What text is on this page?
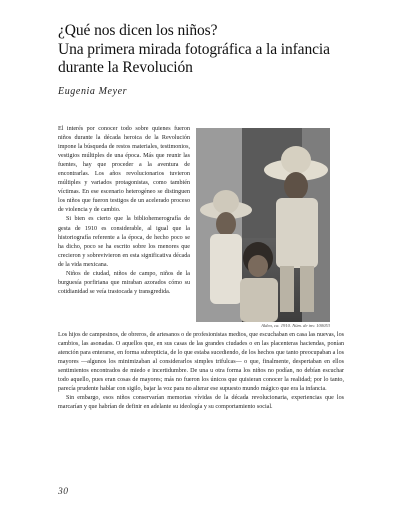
¿Qué nos dicen los niños?
Una primera mirada fotográfica a la infancia
durante la Revolución
Eugenia Meyer

El interés por conocer todo sobre quienes fueron niños durante la década heroica de la Revolución impone la búsqueda de restos materiales, testimonios, vestigios múltiples de una época. Más que reunir las fuentes, hay que proceder a la aventura de encontrarlas. Los años revolucionarios tuvieron múltiples y variados protagonistas, como también víctimas. En ese escenario heterogéneo se distinguen los niños que fueron testigos de un acelerado proceso de violencia y de cambio.

Si bien es cierto que la bibliohemerografía de gesta de 1910 es considerable, al igual que la historiografía referente a la época, de hecho poco se ha dicho, poco se ha escrito sobre los menores que crecieron y sobrevivieron en esta significativa década de la vida mexicana.

Niños de ciudad, niños de campo, niños de la burguesía porfiriana que miraban azorados cómo su cotidianidad se veía trastocada y transgredida.

Aldea, ca. 1910. Núm. de inv. 100053

Los hijos de campesinos, de obreros, de artesanos o de profesionistas medios, que escuchaban en casa las nuevas, los cambios, las asonadas. O aquellos que, en sus casas de las grandes ciudades o en las placenteras haciendas, ponían atención para enterarse, en forma subrepticia, de lo que estaba sucediendo, de los hechos que tanto preocupaban a los mayores —algunos los minimizaban al considerarlos simples trifulcas— o que, finalmente, despertaban en ellos sentimientos encontrados de miedo e incertidumbre. De una u otra forma los niños no podían, no debían escuchar todo aquello, pues eran cosas de mayores; más no fueron los únicos que quisieran conocer la realidad; por lo tanto, parecía prudente hablar con sigilo, bajar la voz para no alterar ese supuesto mundo mágico que era la infancia.

Sin embargo, esos niños conservarían memorias vívidas de la década revolucionaria, experiencias que los marcarían y que habrían de definir en adelante su ideología y su comportamiento social.

30
